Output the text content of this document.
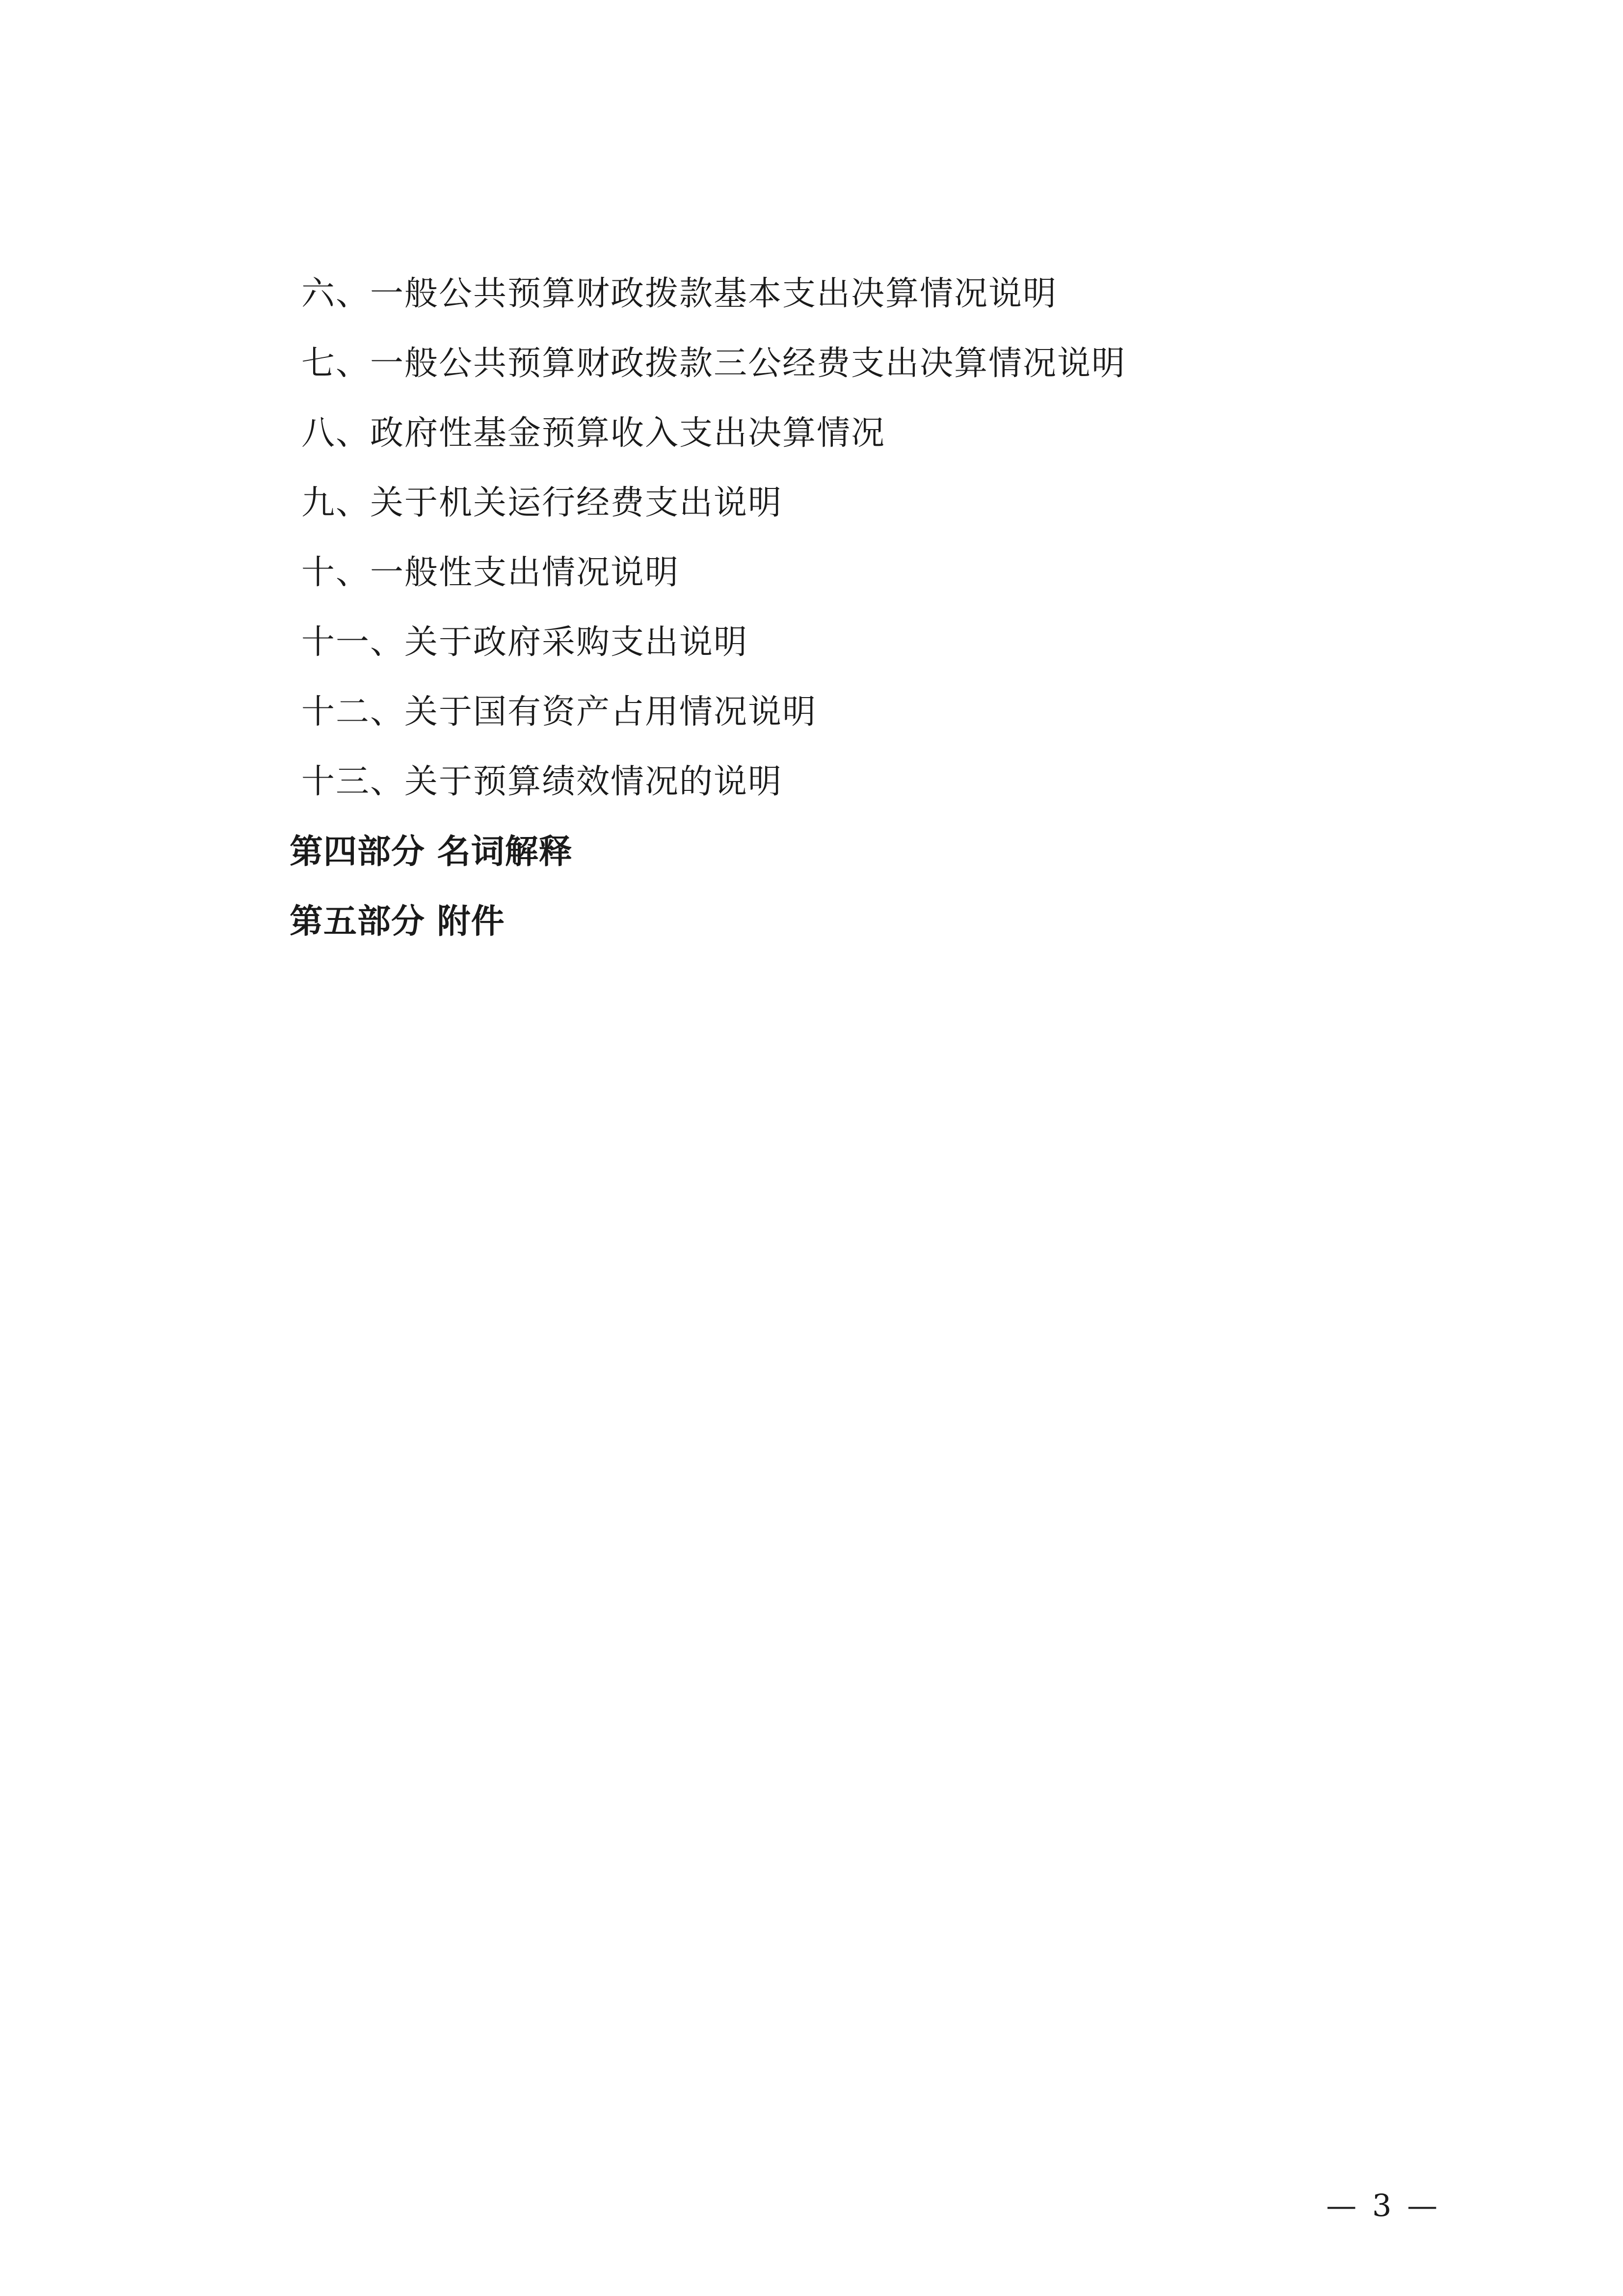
六、一般公共预算财政拨款基本支出决算情况说明
七、一般公共预算财政拨款三公经费支出决算情况说明
八、政府性基金预算收入支出决算情况
九、关于机关运行经费支出说明
十、一般性支出情况说明
十一、关于政府采购支出说明
十二、关于国有资产占用情况说明
十三、关于预算绩效情况的说明
第四部分 名词解释
第五部分 附件
— 3 —
